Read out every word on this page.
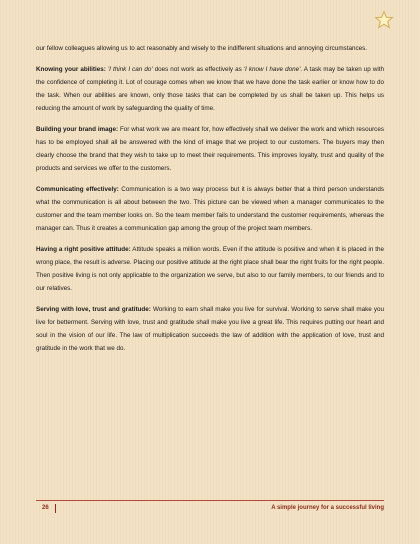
our fellow colleagues allowing us to act reasonably and wisely to the indifferent situations and annoying circumstances.

Knowing your abilities: 'I think I can do' does not work as effectively as 'I know I have done'. A task may be taken up with the confidence of completing it. Lot of courage comes when we know that we have done the task earlier or know how to do the task. When our abilities are known, only those tasks that can be completed by us shall be taken up. This helps us reducing the amount of work by safeguarding the quality of time.

Building your brand image: For what work we are meant for, how effectively shall we deliver the work and which resources has to be employed shall all be answered with the kind of image that we project to our customers. The buyers may then clearly choose the brand that they wish to take up to meet their requirements. This improves loyalty, trust and quality of the products and services we offer to the customers.

Communicating effectively: Communication is a two way process but it is always better that a third person understands what the communication is all about between the two. This picture can be viewed when a manager communicates to the customer and the team member looks on. So the team member fails to understand the customer requirements, whereas the manager can. Thus it creates a communication gap among the group of the project team members.

Having a right positive attitude: Attitude speaks a million words. Even if the attitude is positive and when it is placed in the wrong place, the result is adverse. Placing our positive attitude at the right place shall bear the right fruits for the right people. Then positive living is not only applicable to the organization we serve, but also to our family members, to our friends and to our relatives.

Serving with love, trust and gratitude: Working to earn shall make you live for survival. Working to serve shall make you live for betterment. Serving with love, trust and gratitude shall make you live a great life. This requires putting our heart and soul in the vision of our life. The law of multiplication succeeds the law of addition with the application of love, trust and gratitude in the work that we do.

26	A simple journey for a successful living
